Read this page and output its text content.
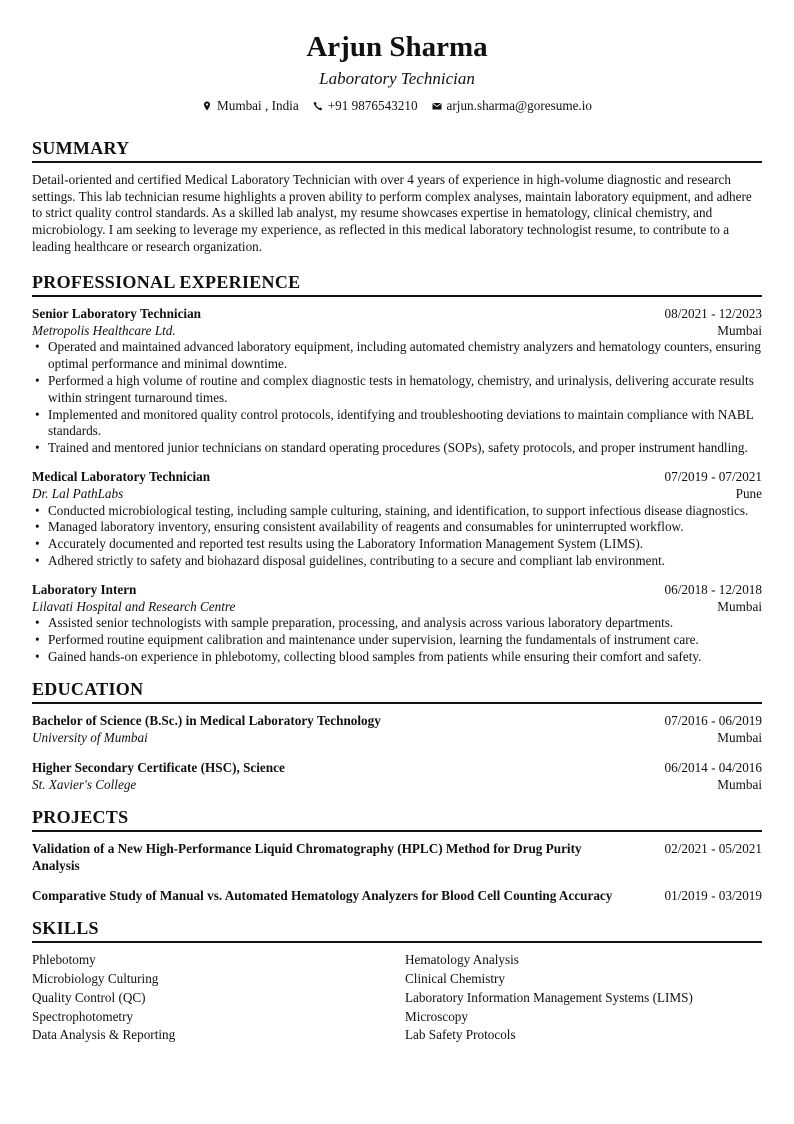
Arjun Sharma
Laboratory Technician
Mumbai , India +91 9876543210 arjun.sharma@goresume.io
SUMMARY
Detail-oriented and certified Medical Laboratory Technician with over 4 years of experience in high-volume diagnostic and research settings. This lab technician resume highlights a proven ability to perform complex analyses, maintain laboratory equipment, and adhere to strict quality control standards. As a skilled lab analyst, my resume showcases expertise in hematology, clinical chemistry, and microbiology. I am seeking to leverage my experience, as reflected in this medical laboratory technologist resume, to contribute to a leading healthcare or research organization.
PROFESSIONAL EXPERIENCE
Senior Laboratory Technician	08/2021 - 12/2023
Metropolis Healthcare Ltd.	Mumbai
• Operated and maintained advanced laboratory equipment, including automated chemistry analyzers and hematology counters, ensuring optimal performance and minimal downtime.
• Performed a high volume of routine and complex diagnostic tests in hematology, chemistry, and urinalysis, delivering accurate results within stringent turnaround times.
• Implemented and monitored quality control protocols, identifying and troubleshooting deviations to maintain compliance with NABL standards.
• Trained and mentored junior technicians on standard operating procedures (SOPs), safety protocols, and proper instrument handling.
Medical Laboratory Technician	07/2019 - 07/2021
Dr. Lal PathLabs	Pune
• Conducted microbiological testing, including sample culturing, staining, and identification, to support infectious disease diagnostics.
• Managed laboratory inventory, ensuring consistent availability of reagents and consumables for uninterrupted workflow.
• Accurately documented and reported test results using the Laboratory Information Management System (LIMS).
• Adhered strictly to safety and biohazard disposal guidelines, contributing to a secure and compliant lab environment.
Laboratory Intern	06/2018 - 12/2018
Lilavati Hospital and Research Centre	Mumbai
• Assisted senior technologists with sample preparation, processing, and analysis across various laboratory departments.
• Performed routine equipment calibration and maintenance under supervision, learning the fundamentals of instrument care.
• Gained hands-on experience in phlebotomy, collecting blood samples from patients while ensuring their comfort and safety.
EDUCATION
Bachelor of Science (B.Sc.) in Medical Laboratory Technology	07/2016 - 06/2019
University of Mumbai	Mumbai
Higher Secondary Certificate (HSC), Science	06/2014 - 04/2016
St. Xavier's College	Mumbai
PROJECTS
Validation of a New High-Performance Liquid Chromatography (HPLC) Method for Drug Purity Analysis
02/2021 - 05/2021
Comparative Study of Manual vs. Automated Hematology Analyzers for Blood Cell Counting Accuracy	01/2019 - 03/2019
SKILLS
Phlebotomy	Hematology Analysis
Microbiology Culturing	Clinical Chemistry
Quality Control (QC)	Laboratory Information Management Systems (LIMS)
Spectrophotometry	Microscopy
Data Analysis & Reporting	Lab Safety Protocols
